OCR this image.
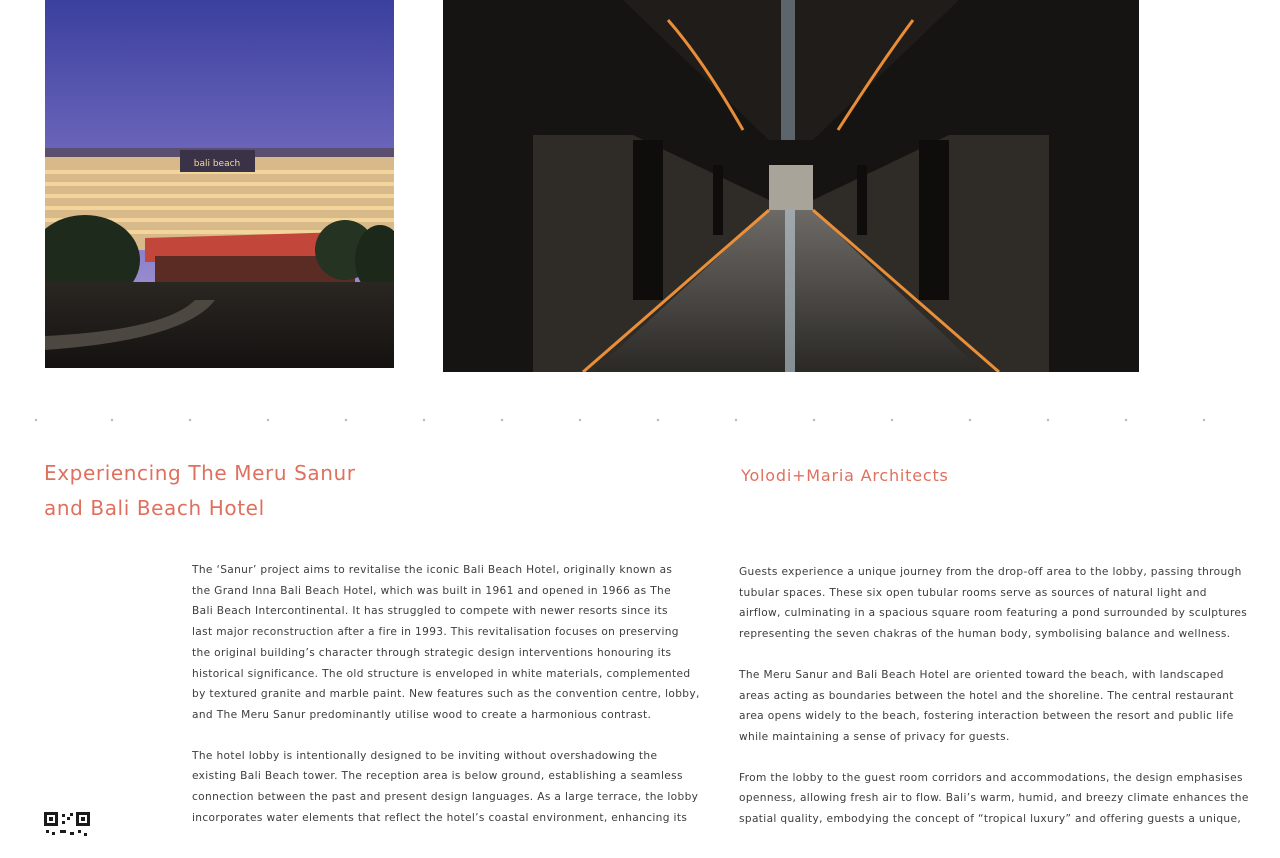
bali beach
Experiencing The Meru Sanur
and Bali Beach Hotel
Yolodi+Maria Architects

The ‘Sanur’ project aims to revitalise the iconic Bali Beach Hotel, originally known as
the Grand Inna Bali Beach Hotel, which was built in 1961 and opened in 1966 as The
Bali Beach Intercontinental. It has struggled to compete with newer resorts since its
last major reconstruction after a fire in 1993. This revitalisation focuses on preserving
the original building’s character through strategic design interventions honouring its
historical significance. The old structure is enveloped in white materials, complemented
by textured granite and marble paint. New features such as the convention centre, lobby,
and The Meru Sanur predominantly utilise wood to create a harmonious contrast.

The hotel lobby is intentionally designed to be inviting without overshadowing the
existing Bali Beach tower. The reception area is below ground, establishing a seamless
connection between the past and present design languages. As a large terrace, the lobby
incorporates water elements that reflect the hotel’s coastal environment, enhancing its

Guests experience a unique journey from the drop-off area to the lobby, passing through
tubular spaces. These six open tubular rooms serve as sources of natural light and
airflow, culminating in a spacious square room featuring a pond surrounded by sculptures
representing the seven chakras of the human body, symbolising balance and wellness.

The Meru Sanur and Bali Beach Hotel are oriented toward the beach, with landscaped
areas acting as boundaries between the hotel and the shoreline. The central restaurant
area opens widely to the beach, fostering interaction between the resort and public life
while maintaining a sense of privacy for guests.

From the lobby to the guest room corridors and accommodations, the design emphasises
openness, allowing fresh air to flow. Bali’s warm, humid, and breezy climate enhances the
spatial quality, embodying the concept of “tropical luxury” and offering guests a unique,
